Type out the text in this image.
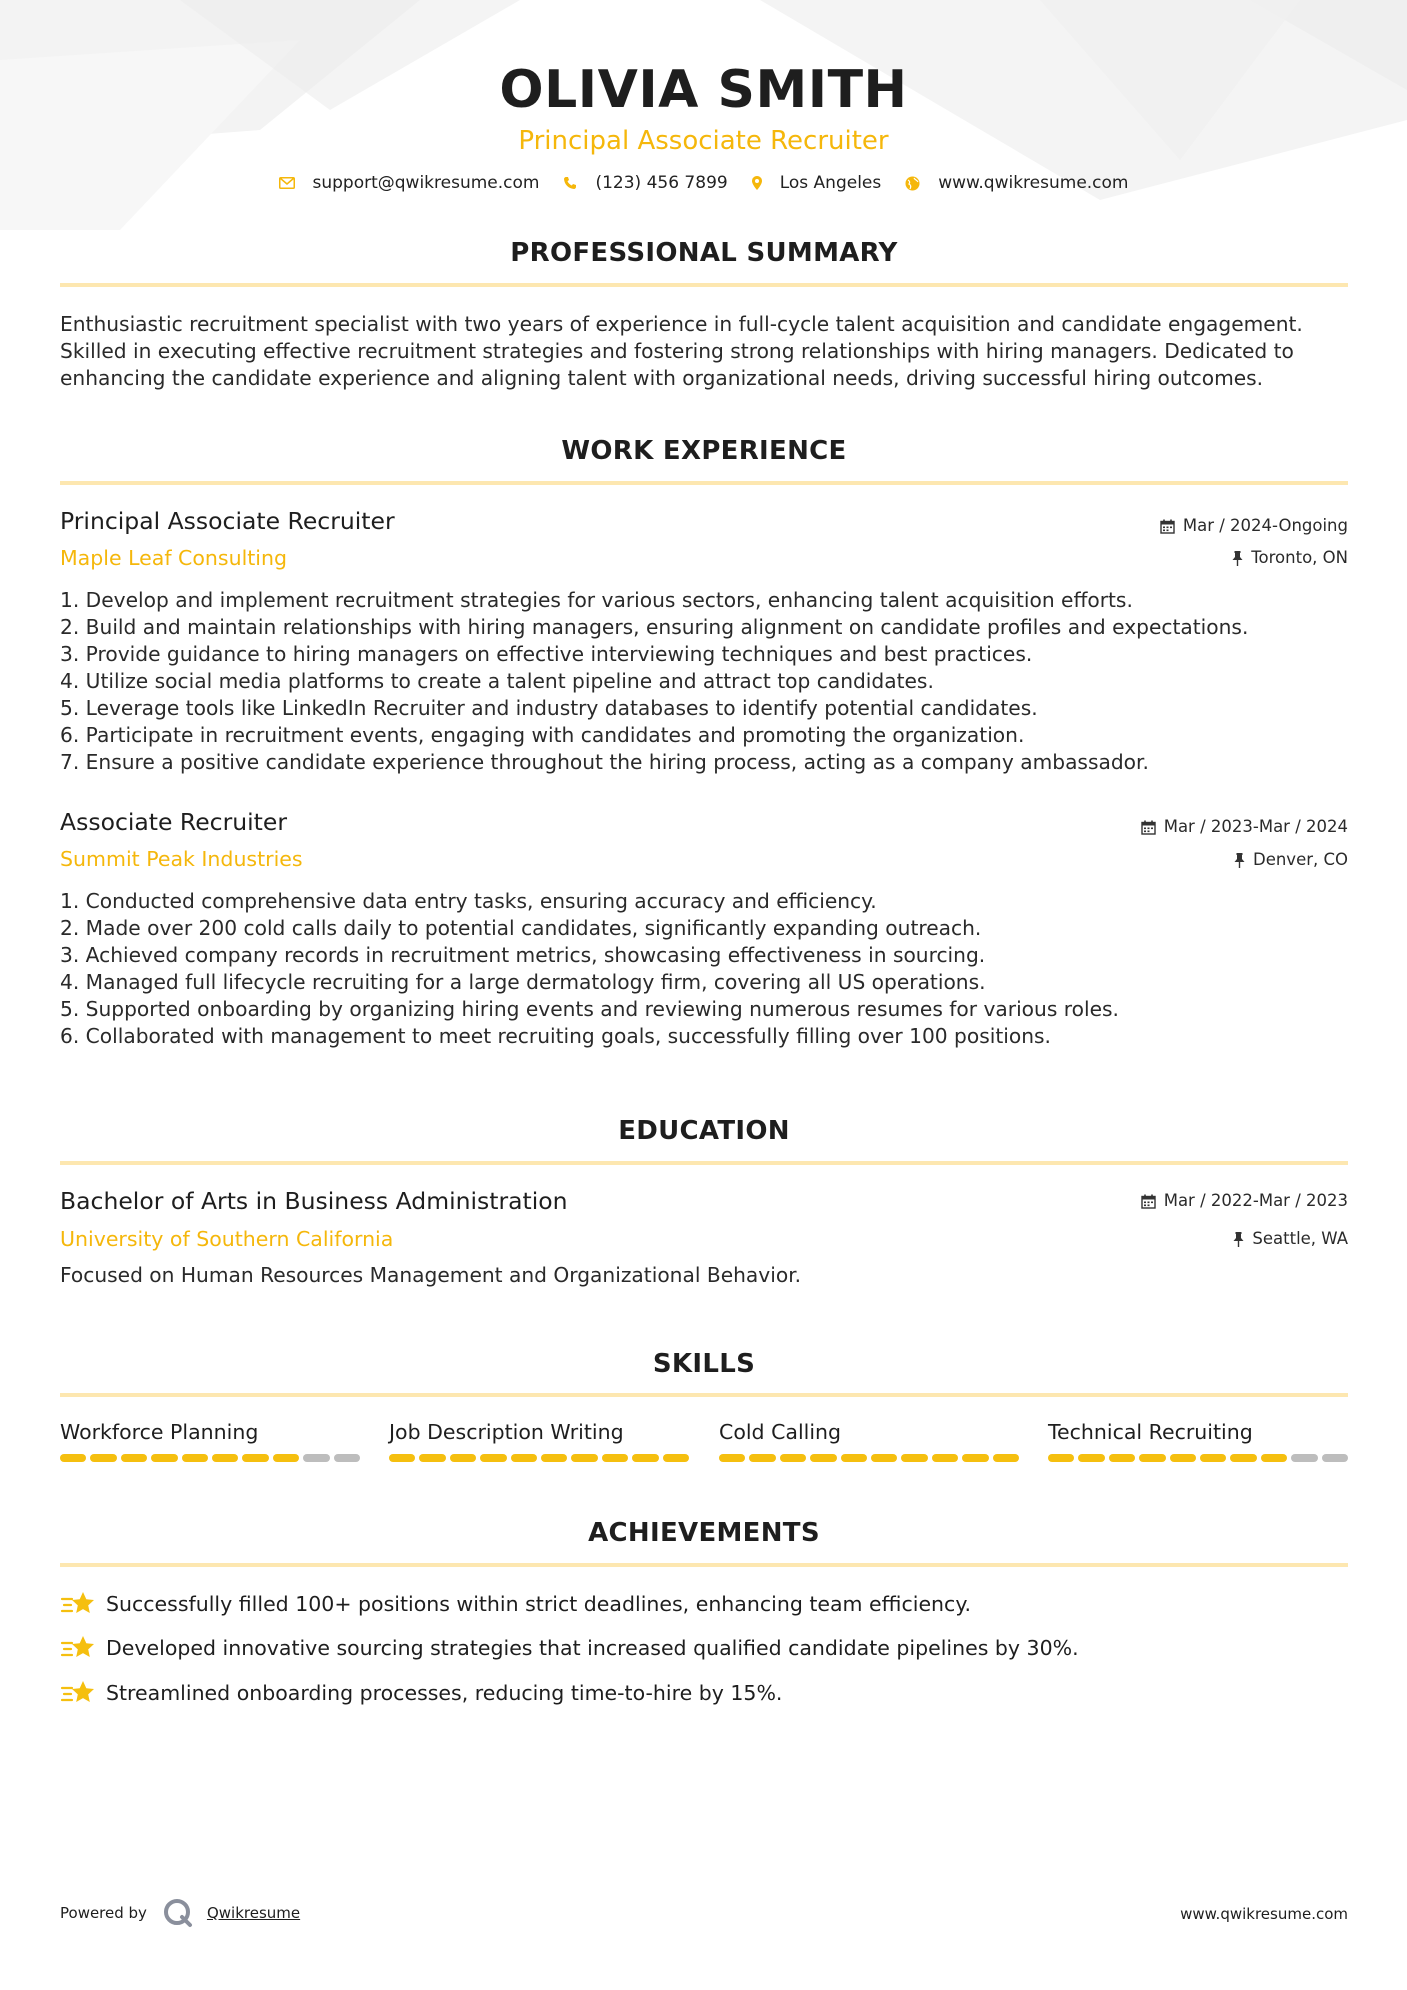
OLIVIA SMITH
Principal Associate Recruiter
support@qwikresume.com	(123) 456 7899	Los Angeles	www.qwikresume.com
PROFESSIONAL SUMMARY
Enthusiastic recruitment specialist with two years of experience in full-cycle talent acquisition and candidate engagement.
Skilled in executing effective recruitment strategies and fostering strong relationships with hiring managers. Dedicated to
enhancing the candidate experience and aligning talent with organizational needs, driving successful hiring outcomes.
WORK EXPERIENCE
Principal Associate Recruiter	Mar / 2024-Ongoing
Maple Leaf Consulting	Toronto, ON
1. Develop and implement recruitment strategies for various sectors, enhancing talent acquisition efforts.
2. Build and maintain relationships with hiring managers, ensuring alignment on candidate profiles and expectations.
3. Provide guidance to hiring managers on effective interviewing techniques and best practices.
4. Utilize social media platforms to create a talent pipeline and attract top candidates.
5. Leverage tools like LinkedIn Recruiter and industry databases to identify potential candidates.
6. Participate in recruitment events, engaging with candidates and promoting the organization.
7. Ensure a positive candidate experience throughout the hiring process, acting as a company ambassador.
Associate Recruiter	Mar / 2023-Mar / 2024
Summit Peak Industries	Denver, CO
1. Conducted comprehensive data entry tasks, ensuring accuracy and efficiency.
2. Made over 200 cold calls daily to potential candidates, significantly expanding outreach.
3. Achieved company records in recruitment metrics, showcasing effectiveness in sourcing.
4. Managed full lifecycle recruiting for a large dermatology firm, covering all US operations.
5. Supported onboarding by organizing hiring events and reviewing numerous resumes for various roles.
6. Collaborated with management to meet recruiting goals, successfully filling over 100 positions.
EDUCATION
Bachelor of Arts in Business Administration	Mar / 2022-Mar / 2023
University of Southern California	Seattle, WA
Focused on Human Resources Management and Organizational Behavior.
SKILLS
Workforce Planning	Job Description Writing	Cold Calling	Technical Recruiting
ACHIEVEMENTS
Successfully filled 100+ positions within strict deadlines, enhancing team efficiency.
Developed innovative sourcing strategies that increased qualified candidate pipelines by 30%.
Streamlined onboarding processes, reducing time-to-hire by 15%.
Powered by	Qwikresume	www.qwikresume.com
